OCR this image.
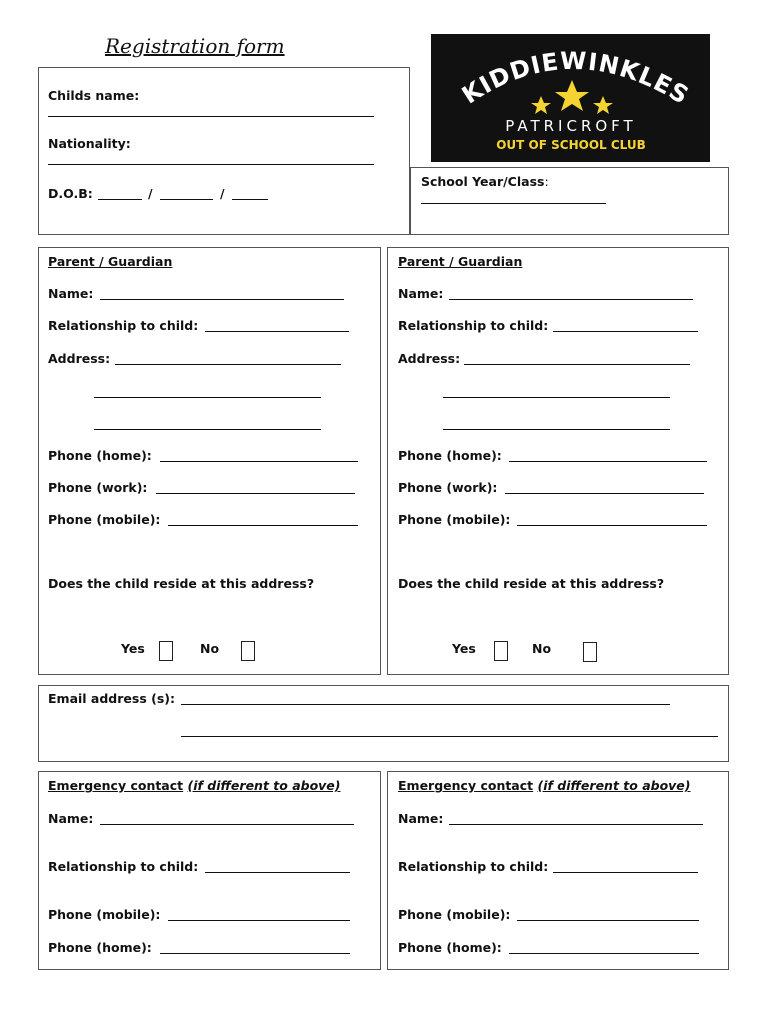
Registration form
KIDDIEWINKLES
PATRICROFT
OUT OF SCHOOL CLUB
Childs name:
Nationality:
D.O.B:	/	/
School Year/Class:
Parent / Guardian
Name:
Relationship to child:
Address:
Phone (home):
Phone (work):
Phone (mobile):
Does the child reside at this address?
Yes	No
Parent / Guardian
Name:
Relationship to child:
Address:
Phone (home):
Phone (work):
Phone (mobile):
Does the child reside at this address?
Yes	No
Email address (s):
Emergency contact (if different to above)
Name:
Relationship to child:
Phone (mobile):
Phone (home):
Emergency contact (if different to above)
Name:
Relationship to child:
Phone (mobile):
Phone (home):
